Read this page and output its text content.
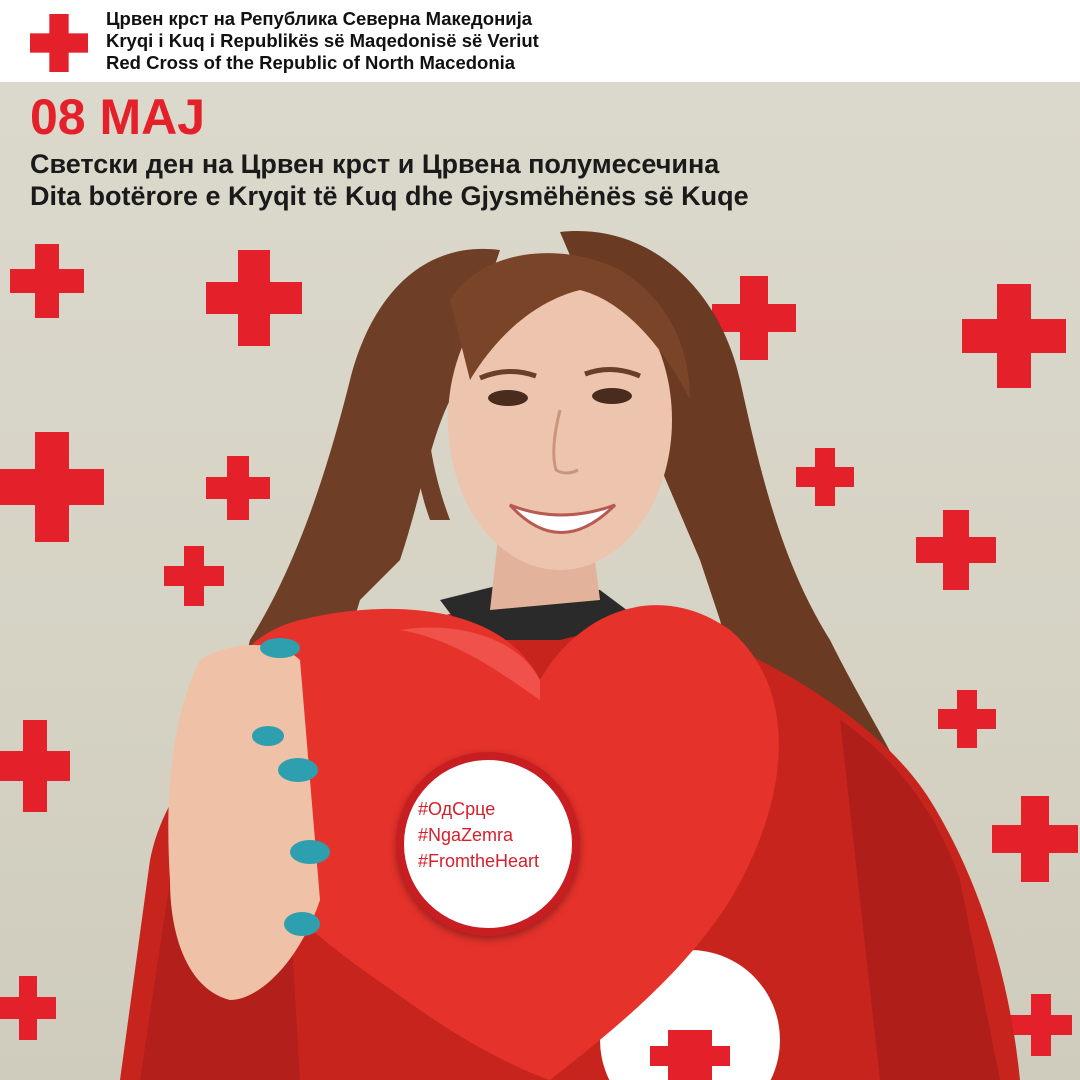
#ОдСрце
#NgaZemra
#FromtheHeart
Црвен крст на Република Северна Македонија
Kryqi i Kuq i Republikës së Maqedonisë së Veriut
Red Cross of the Republic of North Macedonia
08 MAJ
Светски ден на Црвен крст и Црвена полумесечина
Dita botërore e Kryqit të Kuq dhe Gjysmëhënës së Kuqe
